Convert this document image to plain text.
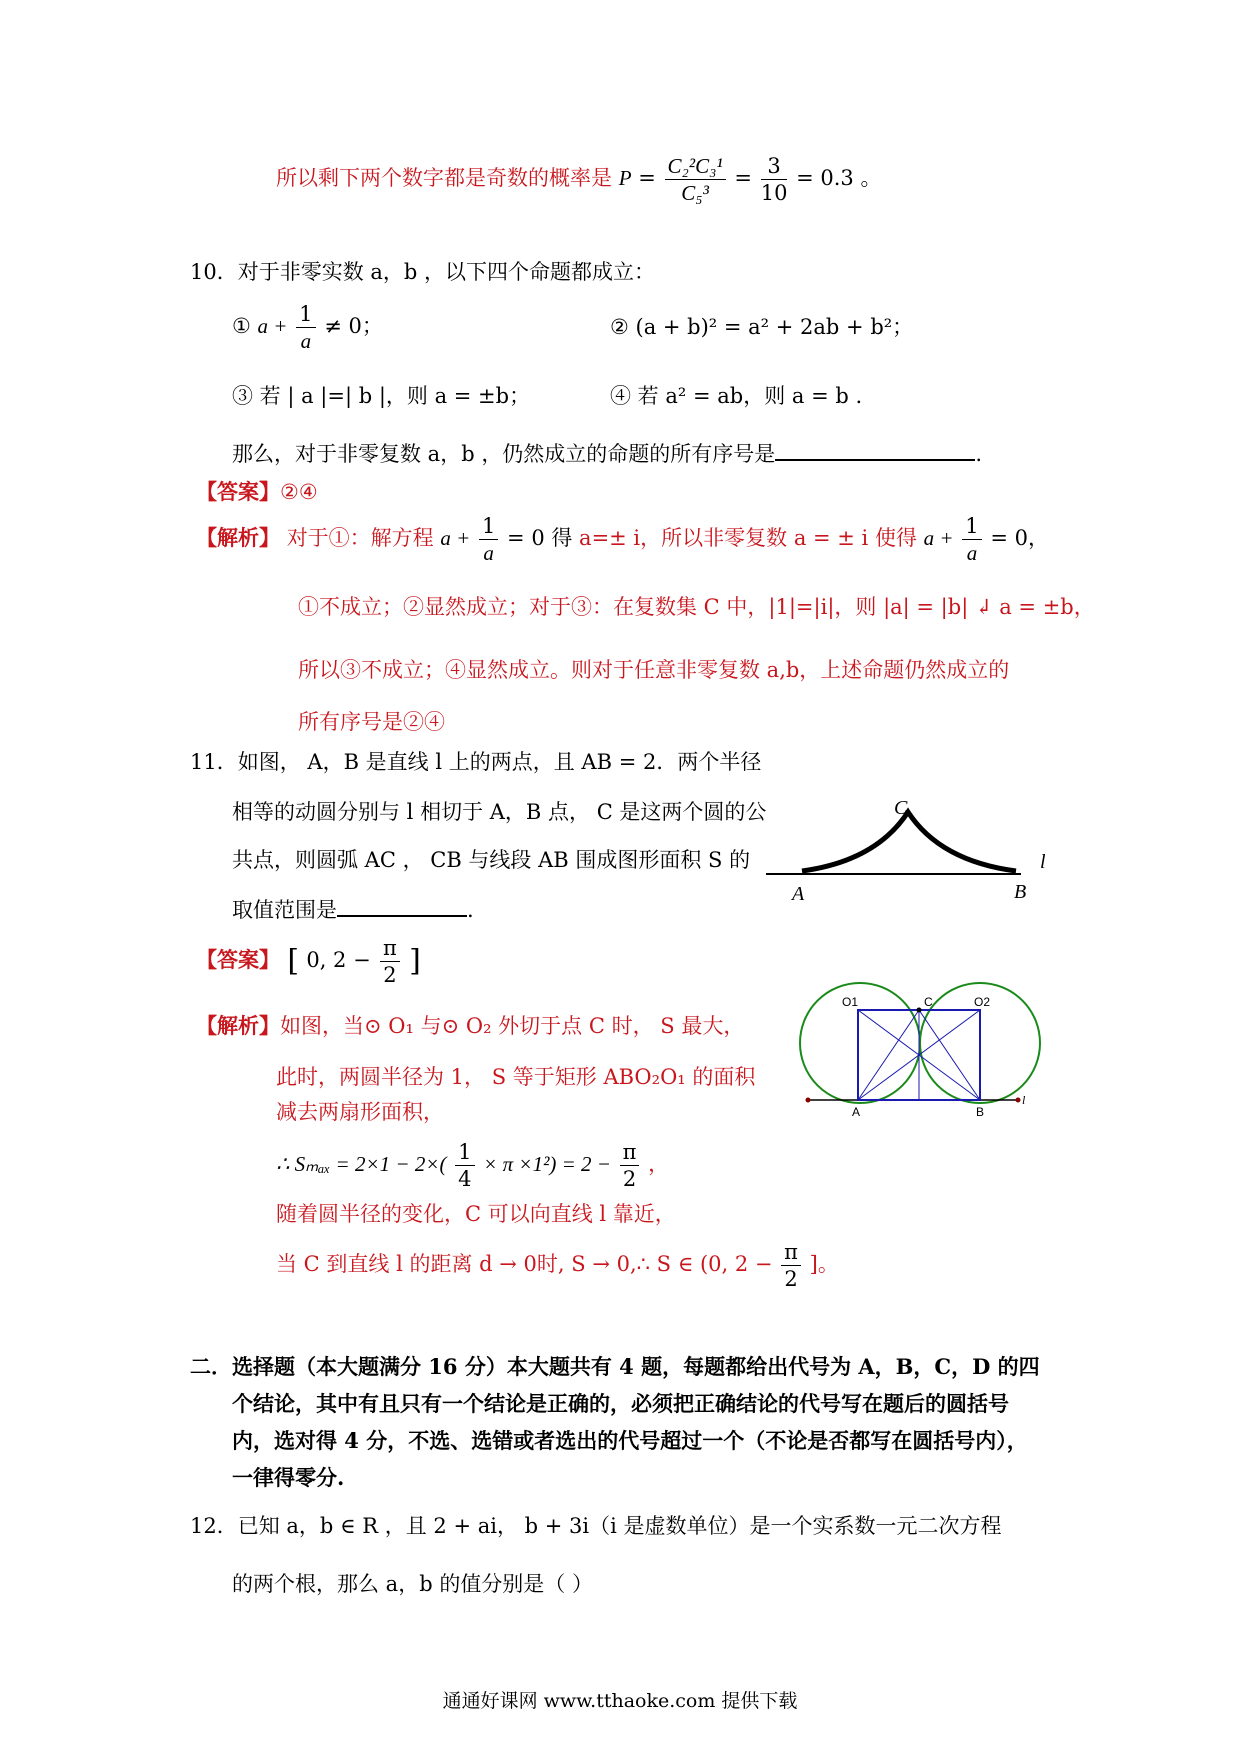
所以剩下两个数字都是奇数的概率是 $P = \frac{\text{C₂²C₃¹}}{\text{C₅³}} = \frac{3}{10} = 0.3$ 。
10．对于非零实数 a，b ，以下四个命题都成立：
① $a + \frac{1}{a} \ne 0$；	② (a + b)² = a² + 2ab + b²；
③ 若 | a |=| b |，则 a = ±b；	④ 若 a² = ab，则 a = b .
那么，对于非零复数 a，b ，仍然成立的命题的所有序号是	.
【答案】②④
【解析】 对于①：解方程 $a + \frac{1}{a} = 0$ 得 a=± i，所以非零复数 a = ± i 使得 $a + \frac{1}{a} = 0$，
①不成立；②显然成立；对于③：在复数集 C 中，|1|=|i|，则 |a| = |b| ↲ a = ±b，
所以③不成立；④显然成立。则对于任意非零复数 a,b，上述命题仍然成立的
所有序号是②④
11．如图， A，B 是直线 l 上的两点，且 AB = 2．两个半径
相等的动圆分别与 l 相切于 A，B 点， C 是这两个圆的公
共点，则圆弧 AC ， CB 与线段 AB 围成图形面积 S 的
取值范围是	.
C
A	B
l
【答案】 [ 0, $2 - \frac{\pi}{2}$ ]
【解析】如图，当⊙ O₁ 与⊙ O₂ 外切于点 C 时， S 最大，
此时，两圆半径为 1， S 等于矩形 ABO₂O₁ 的面积
减去两扇形面积，
∴ $S_{max} = 2\times 1 - 2\times( \frac{1}{4} \times \pi \times 1^2) = 2 - \frac{\pi}{2}$ ，
随着圆半径的变化，C 可以向直线 l 靠近，
当 C 到直线 l 的距离 d → 0时, S → 0,∴ S ∈ (0, $2 - \frac{\pi}{2}$ ]。
O1	C	O2
A	B
l
二．选择题（本大题满分 16 分）本大题共有 4 题，每题都给出代号为 A，B，C，D 的四个结论，其中有且只有一个结论是正确的，必须把正确结论的代号写在题后的圆括号内，选对得 4 分，不选、选错或者选出的代号超过一个（不论是否都写在圆括号内），一律得零分.
12．已知 a，b ∈ R ，且 2 + ai， b + 3i（i 是虚数单位）是一个实系数一元二次方程
的两个根，那么 a，b 的值分别是（ ）
通通好课网 www.tthaoke.com 提供下载
